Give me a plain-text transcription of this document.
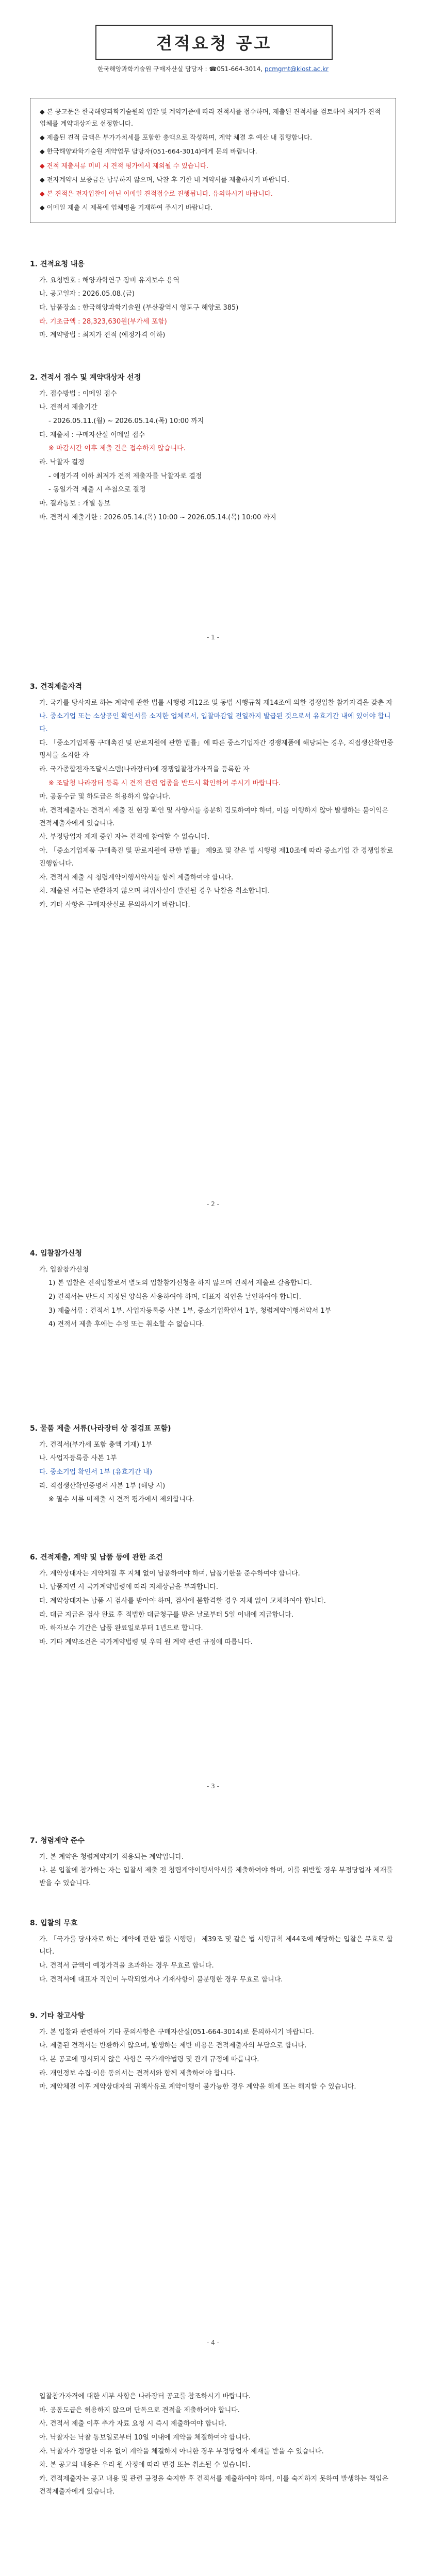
견적요청 공고
한국해양과학기술원 구매자산실 담당자 : ☎051-664-3014, pcmgmt@kiost.ac.kr

◆ 본 공고문은 한국해양과학기술원의 입찰 및 계약기준에 따라 견적서를 접수하며, 제출된 견적서를 검토하여 최저가 견적업체를 계약대상자로 선정합니다.

◆ 제출된 견적 금액은 부가가치세를 포함한 총액으로 작성하며, 계약 체결 후 예산 내 집행합니다.

◆ 한국해양과학기술원 계약업무 담당자(051-664-3014)에게 문의 바랍니다.

◆ 견적 제출서류 미비 시 견적 평가에서 제외될 수 있습니다.

◆ 전자계약시 보증금은 납부하지 않으며, 낙찰 후 기한 내 계약서를 제출하시기 바랍니다.

◆ 본 견적은 전자입찰이 아닌 이메일 견적접수로 진행됩니다. 유의하시기 바랍니다.

◆ 이메일 제출 시 제목에 업체명을 기재하여 주시기 바랍니다.

1. 견적요청 내용

가. 요청번호 : 해양과학연구 장비 유지보수 용역

나. 공고일자 : 2026.05.08.(금)

다. 납품장소 : 한국해양과학기술원 (부산광역시 영도구 해양로 385)

라. 기초금액 : 28,323,630원(부가세 포함)

마. 계약방법 : 최저가 견적 (예정가격 이하)

2. 견적서 접수 및 계약대상자 선정

가. 접수방법 : 이메일 접수

나. 견적서 제출기간

- 2026.05.11.(월) ~ 2026.05.14.(목) 10:00 까지

다. 제출처 : 구매자산실 이메일 접수

※ 마감시간 이후 제출 건은 접수하지 않습니다.

라. 낙찰자 결정

- 예정가격 이하 최저가 견적 제출자를 낙찰자로 결정

- 동일가격 제출 시 추첨으로 결정

마. 결과통보 : 개별 통보

바. 견적서 제출기한 : 2026.05.14.(목) 10:00 ~ 2026.05.14.(목) 10:00 까지

- 1 -
3. 견적제출자격

가. 국가를 당사자로 하는 계약에 관한 법률 시행령 제12조 및 동법 시행규칙 제14조에 의한 경쟁입찰 참가자격을 갖춘 자

나. 중소기업 또는 소상공인 확인서를 소지한 업체로서, 입찰마감일 전일까지 발급된 것으로서 유효기간 내에 있어야 합니다.

다. 「중소기업제품 구매촉진 및 판로지원에 관한 법률」에 따른 중소기업자간 경쟁제품에 해당되는 경우, 직접생산확인증명서를 소지한 자

라. 국가종합전자조달시스템(나라장터)에 경쟁입찰참가자격을 등록한 자

※ 조달청 나라장터 등록 시 견적 관련 업종을 반드시 확인하여 주시기 바랍니다.

마. 공동수급 및 하도급은 허용하지 않습니다.

바. 견적제출자는 견적서 제출 전 현장 확인 및 사양서를 충분히 검토하여야 하며, 이를 이행하지 않아 발생하는 불이익은 견적제출자에게 있습니다.

사. 부정당업자 제재 중인 자는 견적에 참여할 수 없습니다.

아. 「중소기업제품 구매촉진 및 판로지원에 관한 법률」 제9조 및 같은 법 시행령 제10조에 따라 중소기업 간 경쟁입찰로 진행합니다.

자. 견적서 제출 시 청렴계약이행서약서를 함께 제출하여야 합니다.

차. 제출된 서류는 반환하지 않으며 허위사실이 발견될 경우 낙찰을 취소합니다.

카. 기타 사항은 구매자산실로 문의하시기 바랍니다.

- 2 -
4. 입찰참가신청

가. 입찰참가신청

1) 본 입찰은 견적입찰로서 별도의 입찰참가신청을 하지 않으며 견적서 제출로 갈음합니다.

2) 견적서는 반드시 지정된 양식을 사용하여야 하며, 대표자 직인을 날인하여야 합니다.

3) 제출서류 : 견적서 1부, 사업자등록증 사본 1부, 중소기업확인서 1부, 청렴계약이행서약서 1부

4) 견적서 제출 후에는 수정 또는 취소할 수 없습니다.

5. 물품 제출 서류(나라장터 상 점검표 포함)

가. 견적서(부가세 포함 총액 기재) 1부

나. 사업자등록증 사본 1부

다. 중소기업 확인서 1부 (유효기간 내)

라. 직접생산확인증명서 사본 1부 (해당 시)

※ 필수 서류 미제출 시 견적 평가에서 제외합니다.

6. 견적제출, 계약 및 납품 등에 관한 조건

가. 계약상대자는 계약체결 후 지체 없이 납품하여야 하며, 납품기한을 준수하여야 합니다.

나. 납품지연 시 국가계약법령에 따라 지체상금을 부과합니다.

다. 계약상대자는 납품 시 검사를 받아야 하며, 검사에 불합격한 경우 지체 없이 교체하여야 합니다.

라. 대금 지급은 검사 완료 후 적법한 대금청구를 받은 날로부터 5일 이내에 지급합니다.

마. 하자보수 기간은 납품 완료일로부터 1년으로 합니다.

바. 기타 계약조건은 국가계약법령 및 우리 원 계약 관련 규정에 따릅니다.

- 3 -
7. 청렴계약 준수

가. 본 계약은 청렴계약제가 적용되는 계약입니다.

나. 본 입찰에 참가하는 자는 입찰서 제출 전 청렴계약이행서약서를 제출하여야 하며, 이를 위반할 경우 부정당업자 제재를 받을 수 있습니다.

8. 입찰의 무효

가. 「국가를 당사자로 하는 계약에 관한 법률 시행령」 제39조 및 같은 법 시행규칙 제44조에 해당하는 입찰은 무효로 합니다.

나. 견적서 금액이 예정가격을 초과하는 경우 무효로 합니다.

다. 견적서에 대표자 직인이 누락되었거나 기재사항이 불분명한 경우 무효로 합니다.

9. 기타 참고사항

가. 본 입찰과 관련하여 기타 문의사항은 구매자산실(051-664-3014)로 문의하시기 바랍니다.

나. 제출된 견적서는 반환하지 않으며, 발생하는 제반 비용은 견적제출자의 부담으로 합니다.

다. 본 공고에 명시되지 않은 사항은 국가계약법령 및 관계 규정에 따릅니다.

라. 개인정보 수집·이용 동의서는 견적서와 함께 제출하여야 합니다.

마. 계약체결 이후 계약상대자의 귀책사유로 계약이행이 불가능한 경우 계약을 해제 또는 해지할 수 있습니다.

- 4 -

입찰참가자격에 대한 세부 사항은 나라장터 공고를 참조하시기 바랍니다.

바. 공동도급은 허용하지 않으며 단독으로 견적을 제출하여야 합니다.

사. 견적서 제출 이후 추가 자료 요청 시 즉시 제출하여야 합니다.

아. 낙찰자는 낙찰 통보일로부터 10일 이내에 계약을 체결하여야 합니다.

자. 낙찰자가 정당한 이유 없이 계약을 체결하지 아니한 경우 부정당업자 제재를 받을 수 있습니다.

차. 본 공고의 내용은 우리 원 사정에 따라 변경 또는 취소될 수 있습니다.

카. 견적제출자는 공고 내용 및 관련 규정을 숙지한 후 견적서를 제출하여야 하며, 이를 숙지하지 못하여 발생하는 책임은 견적제출자에게 있습니다.
